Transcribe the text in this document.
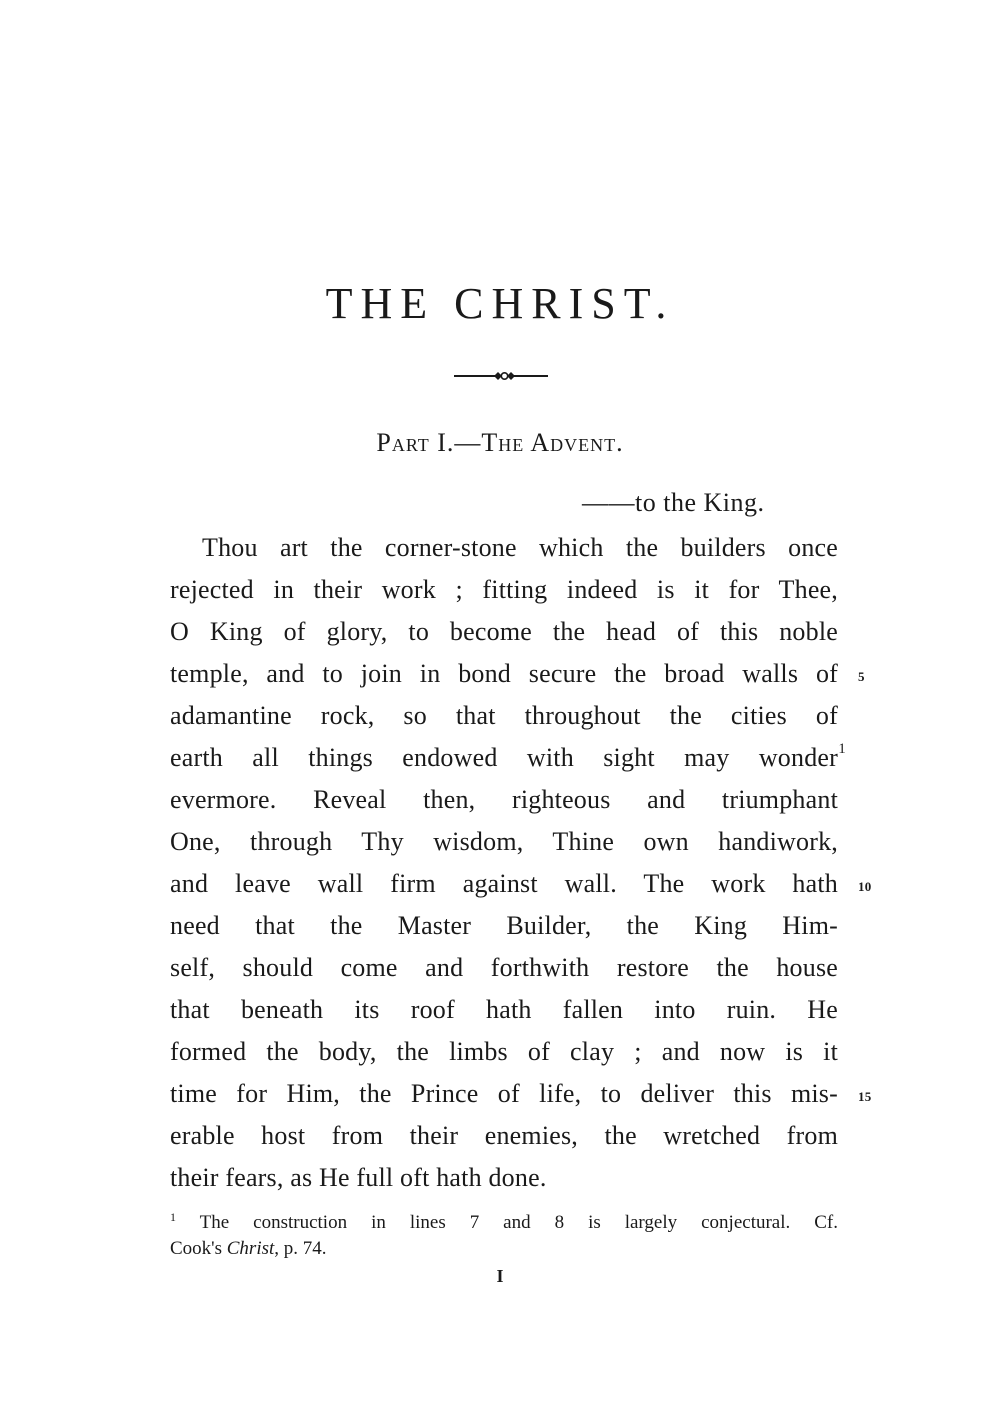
THE CHRIST.
Part I.—The Advent.
——to the King.
Thou art the corner-stone which the builders once
rejected in their work ; fitting indeed is it for Thee,
O King of glory, to become the head of this noble
temple, and to join in bond secure the broad walls of 5
adamantine rock, so that throughout the cities of
earth all things endowed with sight may wonder 1
evermore. Reveal then, righteous and triumphant
One, through Thy wisdom, Thine own handiwork,
and leave wall firm against wall. The work hath 10
need that the Master Builder, the King Him-
self, should come and forthwith restore the house
that beneath its roof hath fallen into ruin. He
formed the body, the limbs of clay ; and now is it
time for Him, the Prince of life, to deliver this mis- 15
erable host from their enemies, the wretched from
their fears, as He full oft hath done.
$^1$ The construction in lines 7 and 8 is largely conjectural. Cf.
Cook's Christ, p. 74.
I
